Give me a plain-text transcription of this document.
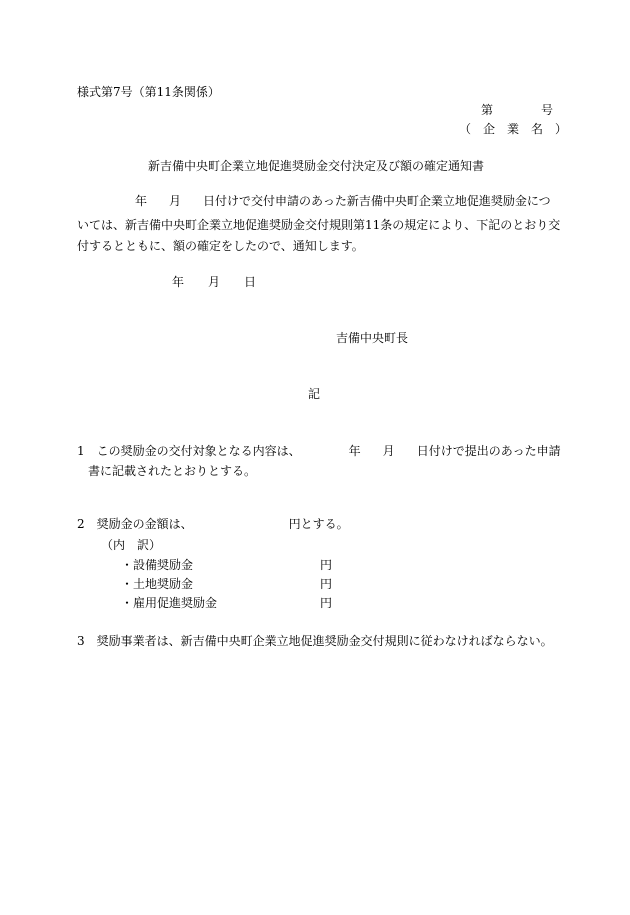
様式第7号（第11条関係）
第	号
（　企　業　名　）
新吉備中央町企業立地促進奨励金交付決定及び額の確定通知書
年 月 日付けで交付申請のあった新吉備中央町企業立地促進奨励金につ
いては、新吉備中央町企業立地促進奨励金交付規則第11条の規定により、下記のとおり交
付するとともに、額の確定をしたので、通知します。
年 月 日
吉備中央町長
記
1 この奨励金の交付対象となる内容は、	年 月 日付けで提出のあった申請
書に記載されたとおりとする。
2 奨励金の金額は、	円とする。
（内　訳）
・設備奨励金	円
・土地奨励金	円
・雇用促進奨励金	円
3 奨励事業者は、新吉備中央町企業立地促進奨励金交付規則に従わなければならない。
